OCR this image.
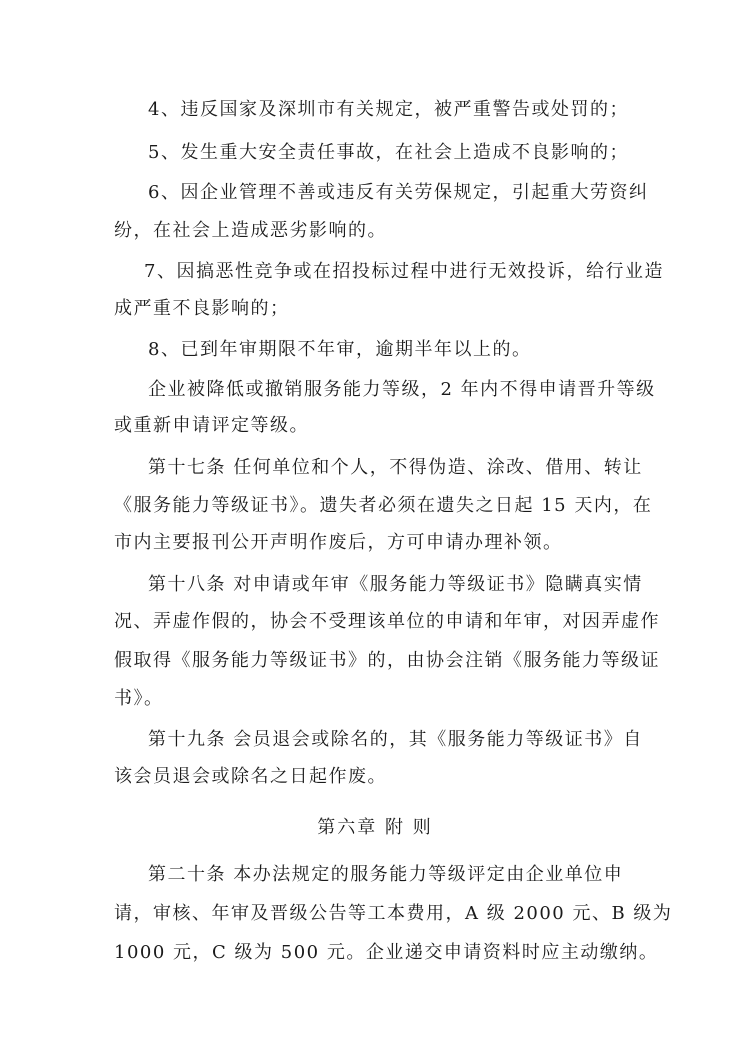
4、违反国家及深圳市有关规定，被严重警告或处罚的；
5、发生重大安全责任事故，在社会上造成不良影响的；
6、因企业管理不善或违反有关劳保规定，引起重大劳资纠
纷，在社会上造成恶劣影响的。
7、因搞恶性竞争或在招投标过程中进行无效投诉，给行业造
成严重不良影响的；
8、已到年审期限不年审，逾期半年以上的。
企业被降低或撤销服务能力等级，2 年内不得申请晋升等级
或重新申请评定等级。
第十七条 任何单位和个人，不得伪造、涂改、借用、转让
《服务能力等级证书》。遗失者必须在遗失之日起 15 天内，在
市内主要报刊公开声明作废后，方可申请办理补领。
第十八条 对申请或年审《服务能力等级证书》隐瞒真实情
况、弄虚作假的，协会不受理该单位的申请和年审，对因弄虚作
假取得《服务能力等级证书》的，由协会注销《服务能力等级证
书》。
第十九条 会员退会或除名的，其《服务能力等级证书》自
该会员退会或除名之日起作废。
第六章 附 则
第二十条 本办法规定的服务能力等级评定由企业单位申
请，审核、年审及晋级公告等工本费用，A 级 2000 元、B 级为
1000 元，C 级为 500 元。企业递交申请资料时应主动缴纳。
